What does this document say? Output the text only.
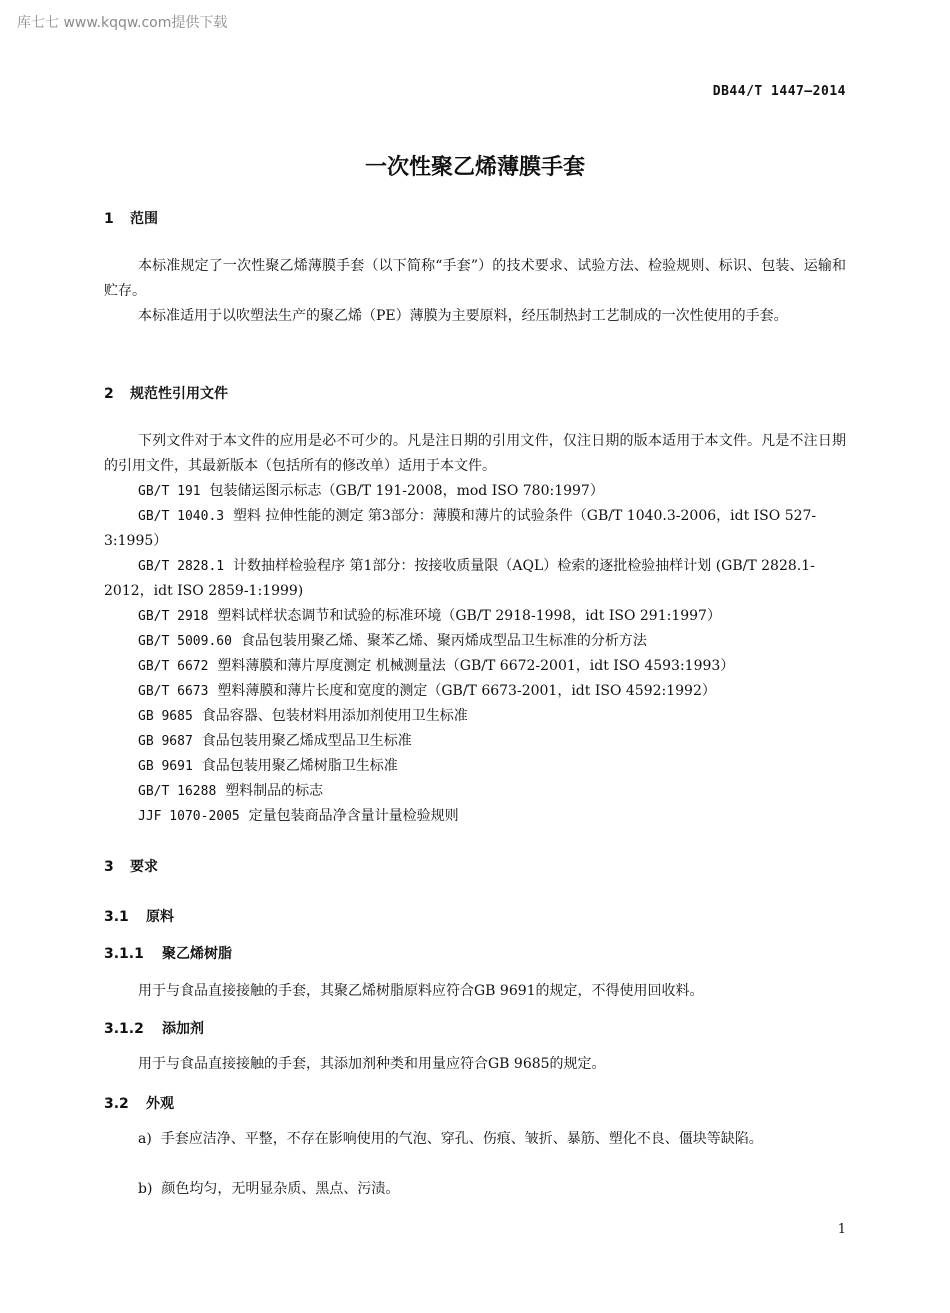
库七七 www.kqqw.com提供下载
DB44/T 1447—2014
一次性聚乙烯薄膜手套
1 范围
本标准规定了一次性聚乙烯薄膜手套（以下简称“手套”）的技术要求、试验方法、检验规则、标识、包装、运输和贮存。
本标准适用于以吹塑法生产的聚乙烯（PE）薄膜为主要原料，经压制热封工艺制成的一次性使用的手套。
2 规范性引用文件
下列文件对于本文件的应用是必不可少的。凡是注日期的引用文件，仅注日期的版本适用于本文件。凡是不注日期的引用文件，其最新版本（包括所有的修改单）适用于本文件。
GB/T 191 包装储运图示标志（GB/T 191-2008，mod ISO 780:1997）
GB/T 1040.3 塑料 拉伸性能的测定 第3部分：薄膜和薄片的试验条件（GB/T 1040.3-2006，idt ISO 527-3:1995）
GB/T 2828.1 计数抽样检验程序 第1部分：按接收质量限（AQL）检索的逐批检验抽样计划 (GB/T 2828.1-2012，idt ISO 2859-1:1999)
GB/T 2918 塑料试样状态调节和试验的标准环境（GB/T 2918-1998，idt ISO 291:1997）
GB/T 5009.60 食品包装用聚乙烯、聚苯乙烯、聚丙烯成型品卫生标准的分析方法
GB/T 6672 塑料薄膜和薄片厚度测定 机械测量法（GB/T 6672-2001，idt ISO 4593:1993）
GB/T 6673 塑料薄膜和薄片长度和宽度的测定（GB/T 6673-2001，idt ISO 4592:1992）
GB 9685 食品容器、包装材料用添加剂使用卫生标准
GB 9687 食品包装用聚乙烯成型品卫生标准
GB 9691 食品包装用聚乙烯树脂卫生标准
GB/T 16288 塑料制品的标志
JJF 1070-2005 定量包装商品净含量计量检验规则
3 要求
3.1 原料
3.1.1 聚乙烯树脂
用于与食品直接接触的手套，其聚乙烯树脂原料应符合GB 9691的规定，不得使用回收料。
3.1.2 添加剂
用于与食品直接接触的手套，其添加剂种类和用量应符合GB 9685的规定。
3.2 外观
a) 手套应洁净、平整，不存在影响使用的气泡、穿孔、伤痕、皱折、暴筋、塑化不良、僵块等缺陷。
b) 颜色均匀，无明显杂质、黑点、污渍。
1
